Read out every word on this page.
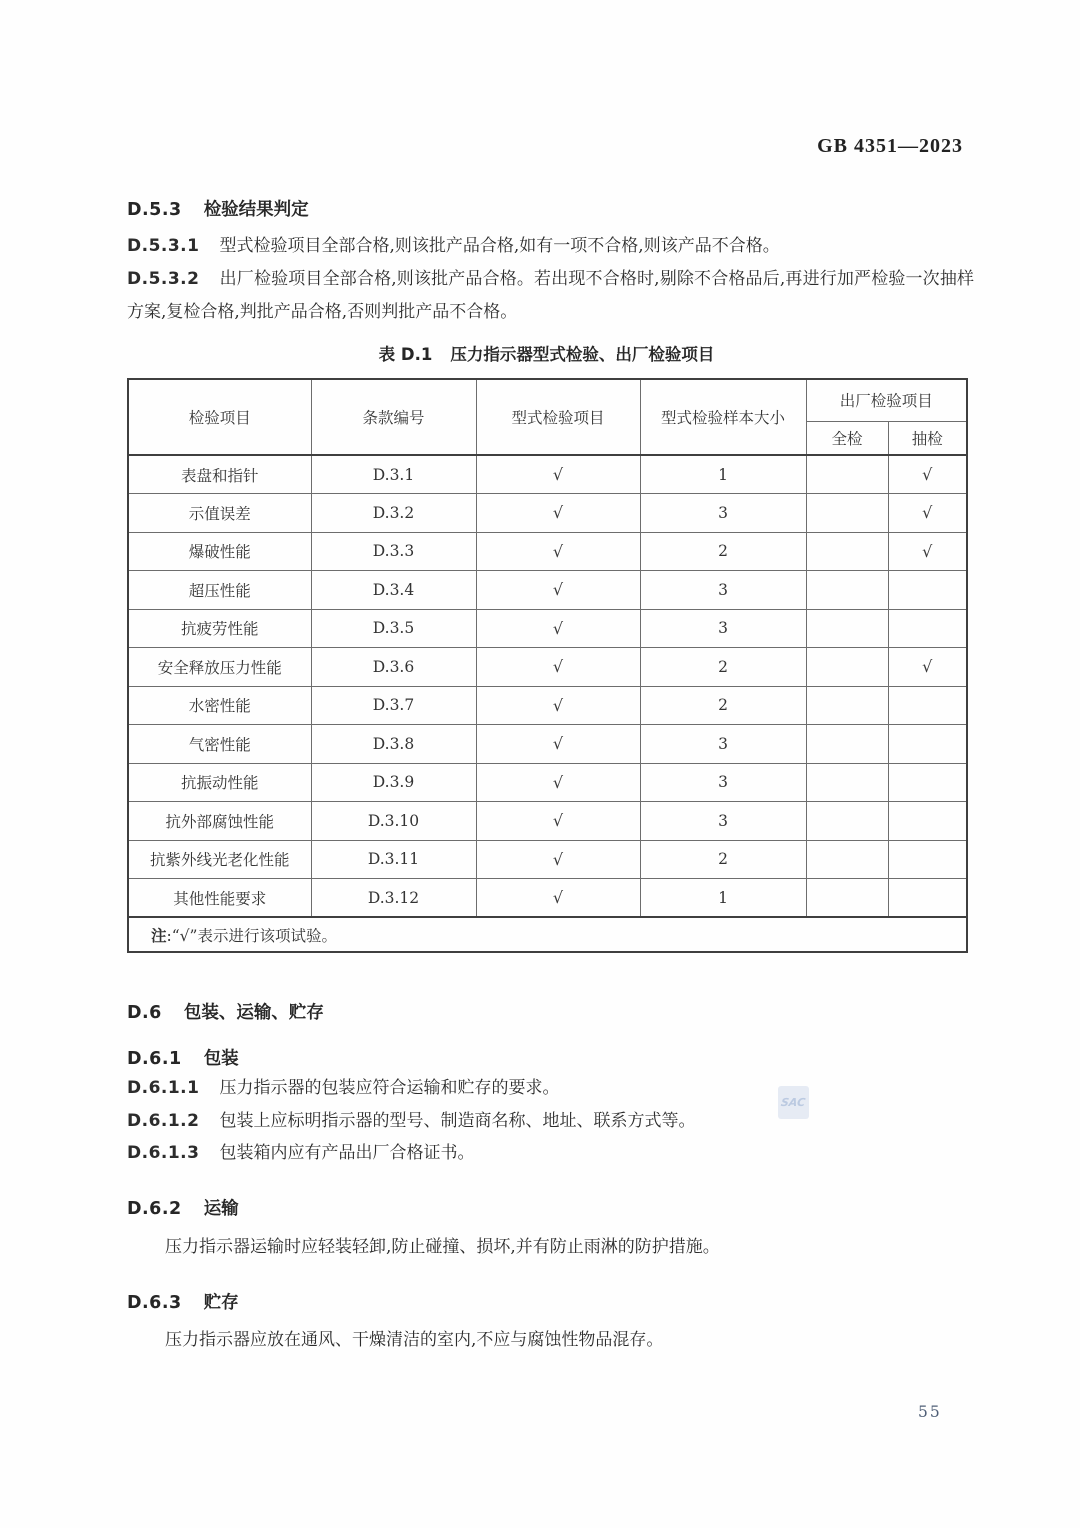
GB 4351—2023
D.5.3 检验结果判定
D.5.3.1 型式检验项目全部合格,则该批产品合格,如有一项不合格,则该产品不合格。
D.5.3.2 出厂检验项目全部合格,则该批产品合格。若出现不合格时,剔除不合格品后,再进行加严检验一次抽样方案,复检合格,判批产品合格,否则判批产品不合格。
表 D.1 压力指示器型式检验、出厂检验项目
检验项目	条款编号	型式检验项目	型式检验样本大小	出厂检验项目	
				全检	抽检
表盘和指针	D.3.1	√	1		√
示值误差	D.3.2	√	3		√
爆破性能	D.3.3	√	2		√
超压性能	D.3.4	√	3		
抗疲劳性能	D.3.5	√	3		
安全释放压力性能	D.3.6	√	2		√
水密性能	D.3.7	√	2		
气密性能	D.3.8	√	3		
抗振动性能	D.3.9	√	3		
抗外部腐蚀性能	D.3.10	√	3		
抗紫外线光老化性能	D.3.11	√	2		
其他性能要求	D.3.12	√	1		
注:“√”表示进行该项试验。					
D.6 包装、运输、贮存
D.6.1 包装
D.6.1.1 压力指示器的包装应符合运输和贮存的要求。
D.6.1.2 包装上应标明指示器的型号、制造商名称、地址、联系方式等。
D.6.1.3 包装箱内应有产品出厂合格证书。
D.6.2 运输
压力指示器运输时应轻装轻卸,防止碰撞、损坏,并有防止雨淋的防护措施。
D.6.3 贮存
压力指示器应放在通风、干燥清洁的室内,不应与腐蚀性物品混存。
SAC
55
